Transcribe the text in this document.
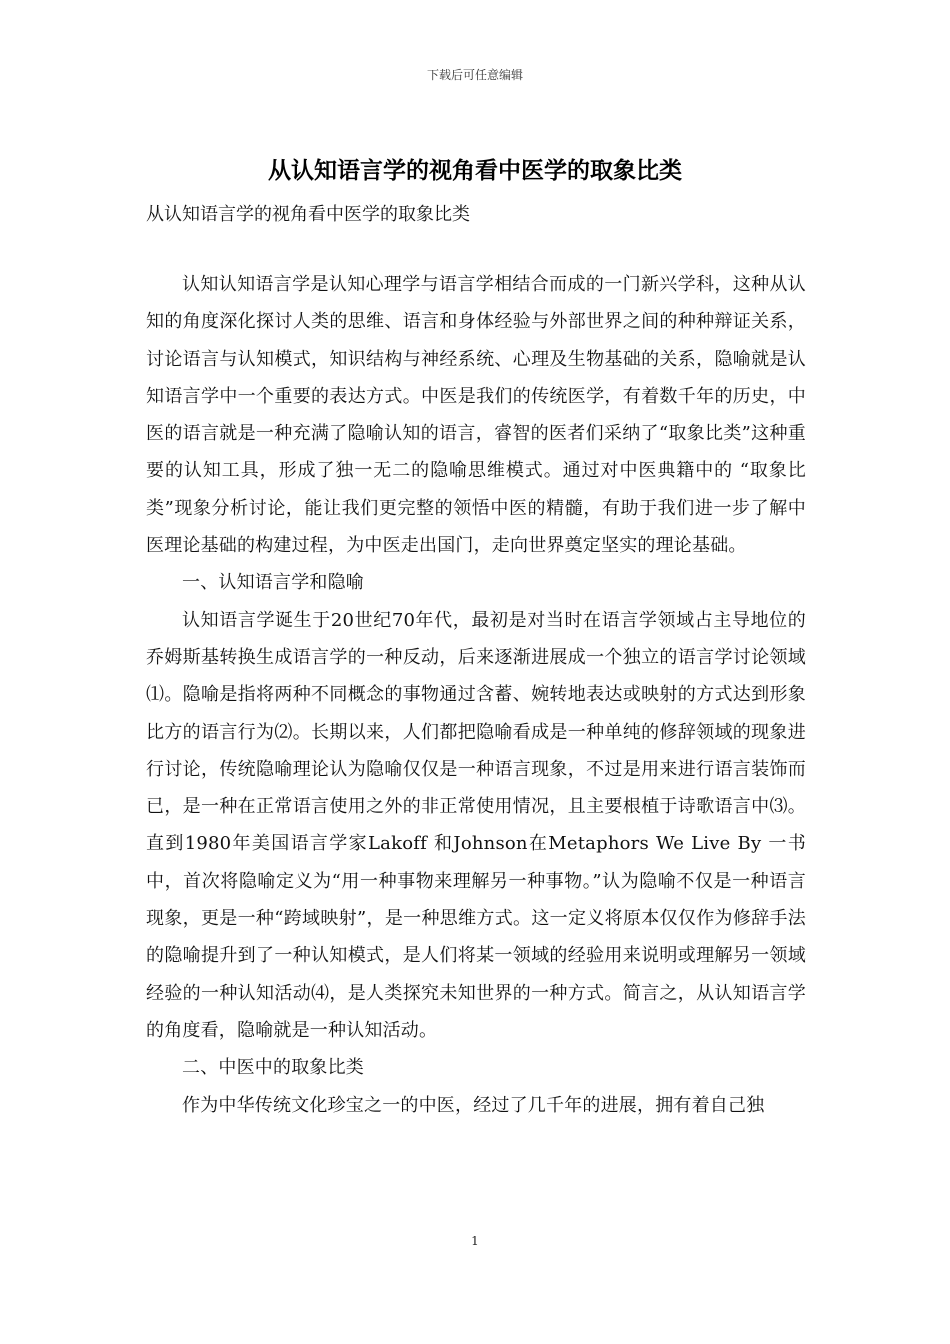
下载后可任意编辑
从认知语言学的视角看中医学的取象比类
从认知语言学的视角看中医学的取象比类

认知认知语言学是认知心理学与语言学相结合而成的一门新兴学科，这种从认知的角度深化探讨人类的思维、语言和身体经验与外部世界之间的种种辩证关系，讨论语言与认知模式，知识结构与神经系统、心理及生物基础的关系，隐喻就是认知语言学中一个重要的表达方式。中医是我们的传统医学，有着数千年的历史，中医的语言就是一种充满了隐喻认知的语言，睿智的医者们采纳了“取象比类”这种重要的认知工具，形成了独一无二的隐喻思维模式。通过对中医典籍中的 “取象比类”现象分析讨论，能让我们更完整的领悟中医的精髓，有助于我们进一步了解中医理论基础的构建过程，为中医走出国门，走向世界奠定坚实的理论基础。

一、认知语言学和隐喻

认知语言学诞生于20世纪70年代，最初是对当时在语言学领域占主导地位的乔姆斯基转换生成语言学的一种反动，后来逐渐进展成一个独立的语言学讨论领域⑴。隐喻是指将两种不同概念的事物通过含蓄、婉转地表达或映射的方式达到形象比方的语言行为⑵。长期以来，人们都把隐喻看成是一种单纯的修辞领域的现象进行讨论，传统隐喻理论认为隐喻仅仅是一种语言现象，不过是用来进行语言装饰而已，是一种在正常语言使用之外的非正常使用情况，且主要根植于诗歌语言中⑶。直到1980年美国语言学家Lakoff 和Johnson在Metaphors We Live By 一书中，首次将隐喻定义为“用一种事物来理解另一种事物。”认为隐喻不仅是一种语言现象，更是一种“跨域映射”，是一种思维方式。这一定义将原本仅仅作为修辞手法的隐喻提升到了一种认知模式，是人们将某一领域的经验用来说明或理解另一领域经验的一种认知活动⑷，是人类探究未知世界的一种方式。简言之，从认知语言学的角度看，隐喻就是一种认知活动。

二、中医中的取象比类

作为中华传统文化珍宝之一的中医，经过了几千年的进展，拥有着自己独

1
